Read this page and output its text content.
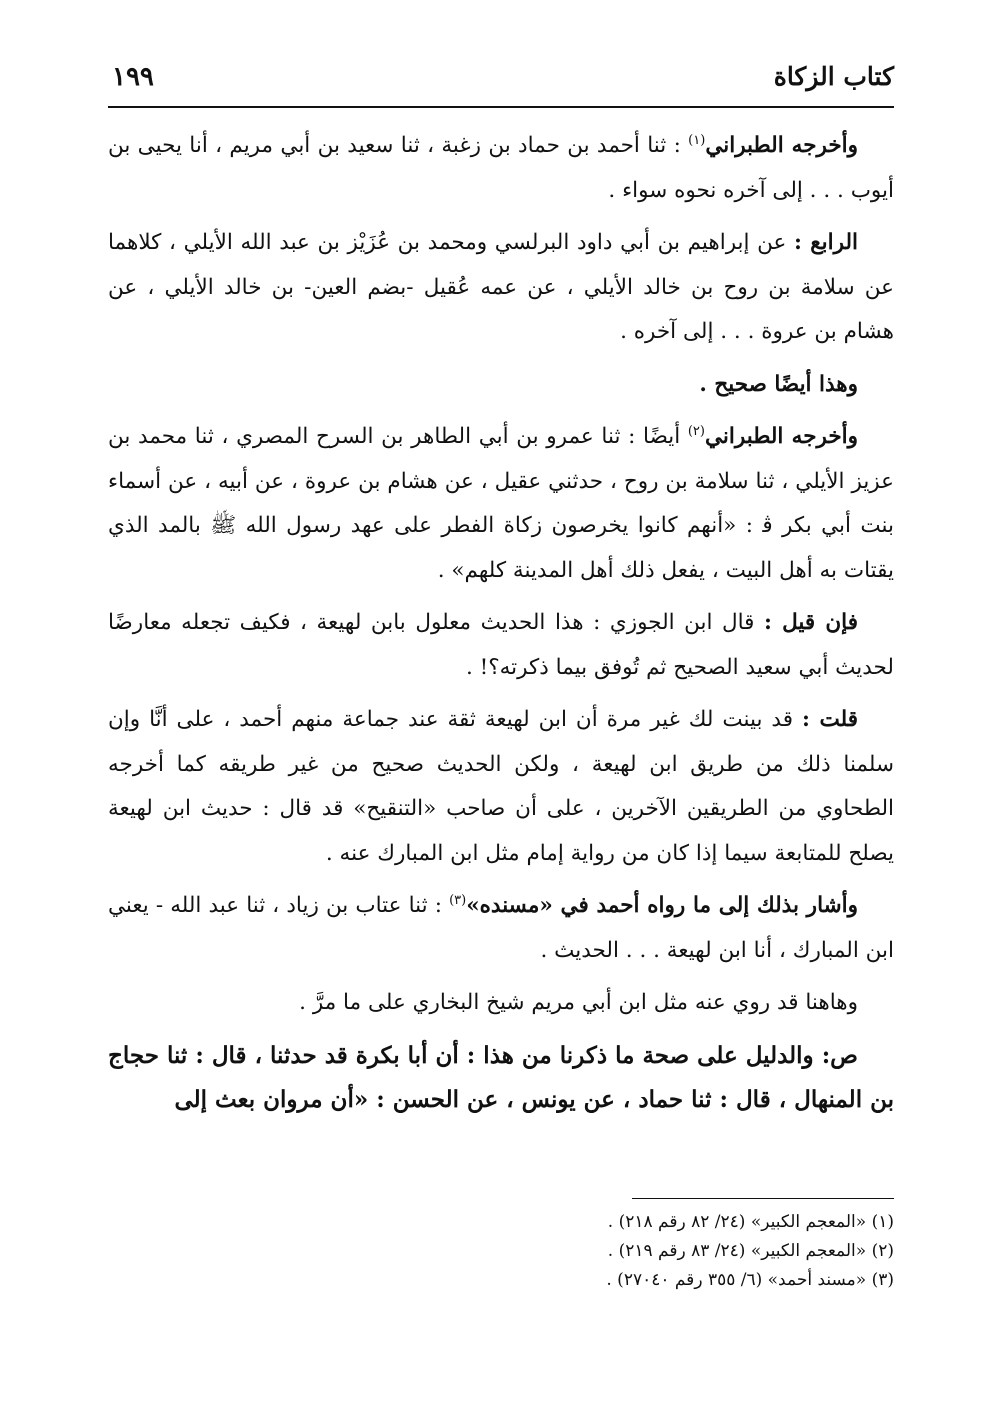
كتاب الزكاة
١٩٩

وأخرجه الطبراني$^{(١)}$ : ثنا أحمد بن حماد بن زغبة ، ثنا سعيد بن أبي مريم ، أنا يحيى بن أيوب . . . إلى آخره نحوه سواء .

الرابع : عن إبراهيم بن أبي داود البرلسي ومحمد بن عُزَيْز بن عبد الله الأيلي ، كلاهما عن سلامة بن روح بن خالد الأيلي ، عن عمه عُقيل -بضم العين- بن خالد الأيلي ، عن هشام بن عروة . . . إلى آخره .

وهذا أيضًا صحيح .

وأخرجه الطبراني$^{(٢)}$ أيضًا : ثنا عمرو بن أبي الطاهر بن السرح المصري ، ثنا محمد بن عزيز الأيلي ، ثنا سلامة بن روح ، حدثني عقيل ، عن هشام بن عروة ، عن أبيه ، عن أسماء بنت أبي بكر ﭬ : «أنهم كانوا يخرصون زكاة الفطر على عهد رسول الله ﷺ بالمد الذي يقتات به أهل البيت ، يفعل ذلك أهل المدينة كلهم» .

فإن قيل : قال ابن الجوزي : هذا الحديث معلول بابن لهيعة ، فكيف تجعله معارضًا لحديث أبي سعيد الصحيح ثم تُوفق بيما ذكرته؟! .

قلت : قد بينت لك غير مرة أن ابن لهيعة ثقة عند جماعة منهم أحمد ، على أنَّا وإن سلمنا ذلك من طريق ابن لهيعة ، ولكن الحديث صحيح من غير طريقه كما أخرجه الطحاوي من الطريقين الآخرين ، على أن صاحب «التنقيح» قد قال : حديث ابن لهيعة يصلح للمتابعة سيما إذا كان من رواية إمام مثل ابن المبارك عنه .

وأشار بذلك إلى ما رواه أحمد في «مسنده»$^{(٣)}$ : ثنا عتاب بن زياد ، ثنا عبد الله - يعني ابن المبارك ، أنا ابن لهيعة . . . الحديث .

وهاهنا قد روي عنه مثل ابن أبي مريم شيخ البخاري على ما مرَّ .

ص: والدليل على صحة ما ذكرنا من هذا : أن أبا بكرة قد حدثنا ، قال : ثنا حجاج بن المنهال ، قال : ثنا حماد ، عن يونس ، عن الحسن : «أن مروان بعث إلى

(١) «المعجم الكبير» (٢٤/ ٨٢ رقم ٢١٨) .

(٢) «المعجم الكبير» (٢٤/ ٨٣ رقم ٢١٩) .

(٣) «مسند أحمد» (٦/ ٣٥٥ رقم ٢٧٠٤٠) .
